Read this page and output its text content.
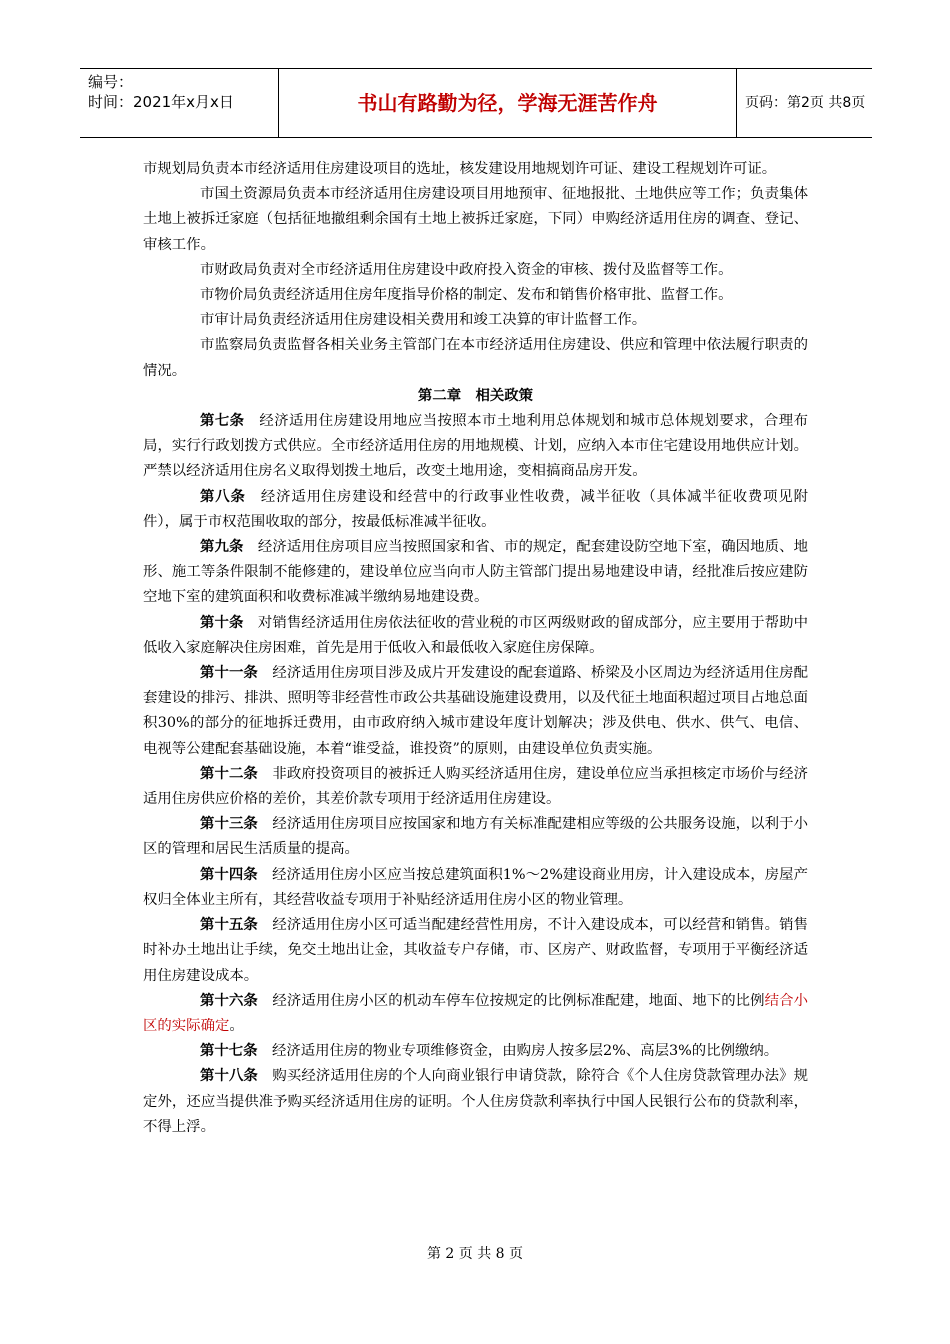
编号：
时间：2021年x月x日	书山有路勤为径，学海无涯苦作舟	页码：第2页 共8页

市规划局负责本市经济适用住房建设项目的选址，核发建设用地规划许可证、建设工程规划许可证。

市国土资源局负责本市经济适用住房建设项目用地预审、征地报批、土地供应等工作；负责集体土地上被拆迁家庭（包括征地撤组剩余国有土地上被拆迁家庭，下同）申购经济适用住房的调查、登记、审核工作。

市财政局负责对全市经济适用住房建设中政府投入资金的审核、拨付及监督等工作。

市物价局负责经济适用住房年度指导价格的制定、发布和销售价格审批、监督工作。

市审计局负责经济适用住房建设相关费用和竣工决算的审计监督工作。

市监察局负责监督各相关业务主管部门在本市经济适用住房建设、供应和管理中依法履行职责的情况。

第二章　相关政策

第七条　 经济适用住房建设用地应当按照本市土地利用总体规划和城市总体规划要求，合理布局，实行行政划拨方式供应。全市经济适用住房的用地规模、计划，应纳入本市住宅建设用地供应计划。严禁以经济适用住房名义取得划拨土地后，改变土地用途，变相搞商品房开发。

第八条　 经济适用住房建设和经营中的行政事业性收费，减半征收（具体减半征收费项见附件），属于市权范围收取的部分，按最低标准减半征收。

第九条　 经济适用住房项目应当按照国家和省、市的规定，配套建设防空地下室，确因地质、地形、施工等条件限制不能修建的，建设单位应当向市人防主管部门提出易地建设申请，经批准后按应建防空地下室的建筑面积和收费标准减半缴纳易地建设费。

第十条　 对销售经济适用住房依法征收的营业税的市区两级财政的留成部分，应主要用于帮助中低收入家庭解决住房困难，首先是用于低收入和最低收入家庭住房保障。

第十一条　 经济适用住房项目涉及成片开发建设的配套道路、桥梁及小区周边为经济适用住房配套建设的排污、排洪、照明等非经营性市政公共基础设施建设费用，以及代征土地面积超过项目占地总面积30%的部分的征地拆迁费用，由市政府纳入城市建设年度计划解决；涉及供电、供水、供气、电信、电视等公建配套基础设施，本着“谁受益，谁投资”的原则，由建设单位负责实施。

第十二条　 非政府投资项目的被拆迁人购买经济适用住房，建设单位应当承担核定市场价与经济适用住房供应价格的差价，其差价款专项用于经济适用住房建设。

第十三条　 经济适用住房项目应按国家和地方有关标准配建相应等级的公共服务设施，以利于小区的管理和居民生活质量的提高。

第十四条　 经济适用住房小区应当按总建筑面积1%～2%建设商业用房，计入建设成本，房屋产权归全体业主所有，其经营收益专项用于补贴经济适用住房小区的物业管理。

第十五条　 经济适用住房小区可适当配建经营性用房，不计入建设成本，可以经营和销售。销售时补办土地出让手续，免交土地出让金，其收益专户存储，市、区房产、财政监督，专项用于平衡经济适用住房建设成本。

第十六条　 经济适用住房小区的机动车停车位按规定的比例标准配建，地面、地下的比例结合小区的实际确定。

第十七条　 经济适用住房的物业专项维修资金，由购房人按多层2%、高层3%的比例缴纳。

第十八条　 购买经济适用住房的个人向商业银行申请贷款，除符合《个人住房贷款管理办法》规定外，还应当提供准予购买经济适用住房的证明。个人住房贷款利率执行中国人民银行公布的贷款利率，不得上浮。

第 2 页 共 8 页
